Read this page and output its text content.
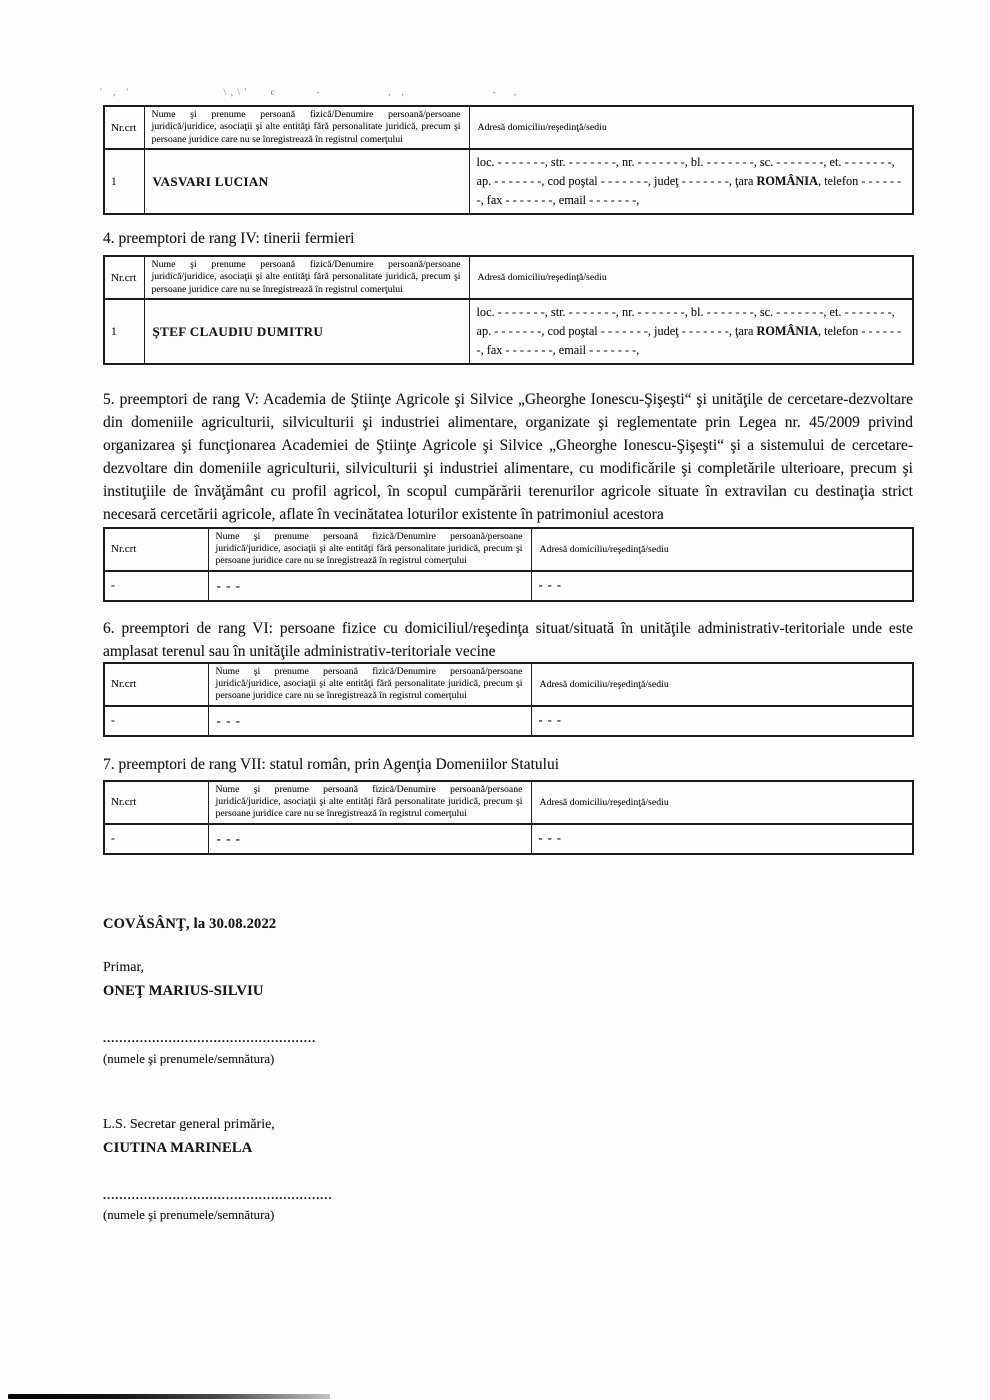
'   ,   '                            \ , \ '       c            -                    ,   ,                          -     ,
Nr.crt	Nume şi prenume persoană fizică/Denumire persoană/persoane juridică/juridice, asociaţii şi alte entităţi fără personalitate juridică, precum şi persoane juridice care nu se înregistrează în registrul comerţului	Adresă domiciliu/reşedinţă/sediu
1	VASVARI LUCIAN	loc. - - - - - - -, str. - - - - - - -, nr. - - - - - - -, bl. - - - - - - -, sc. - - - - - - -, et. - - - - - - -, ap. - - - - - - -, cod poştal - - - - - - -, judeţ - - - - - - -, ţara ROMÂNIA, telefon - - - - - - -, fax - - - - - - -, email - - - - - - -,
4. preemptori de rang IV: tinerii fermieri
Nr.crt	Nume şi prenume persoană fizică/Denumire persoană/persoane juridică/juridice, asociaţii şi alte entităţi fără personalitate juridică, precum şi persoane juridice care nu se înregistrează în registrul comerţului	Adresă domiciliu/reşedinţă/sediu
1	ŞTEF CLAUDIU DUMITRU	loc. - - - - - - -, str. - - - - - - -, nr. - - - - - - -, bl. - - - - - - -, sc. - - - - - - -, et. - - - - - - -, ap. - - - - - - -, cod poştal - - - - - - -, judeţ - - - - - - -, ţara ROMÂNIA, telefon - - - - - - -, fax - - - - - - -, email - - - - - - -,
5. preemptori de rang V: Academia de Ştiinţe Agricole şi Silvice „Gheorghe Ionescu-Şişeşti“ şi unităţile de cercetare-dezvoltare din domeniile agriculturii, silviculturii şi industriei alimentare, organizate şi reglementate prin Legea nr. 45/2009 privind organizarea şi funcţionarea Academiei de Ştiinţe Agricole şi Silvice „Gheorghe Ionescu-Şişeşti“ şi a sistemului de cercetare-dezvoltare din domeniile agriculturii, silviculturii şi industriei alimentare, cu modificările şi completările ulterioare, precum şi instituţiile de învăţământ cu profil agricol, în scopul cumpărării terenurilor agricole situate în extravilan cu destinaţia strict necesară cercetării agricole, aflate în vecinătatea loturilor existente în patrimoniul acestora
Nr.crt	Nume şi prenume persoană fizică/Denumire persoană/persoane juridică/juridice, asociaţii şi alte entităţi fără personalitate juridică, precum şi persoane juridice care nu se înregistrează în registrul comerţului	Adresă domiciliu/reşedinţă/sediu
-	- - -	- - -
6. preemptori de rang VI: persoane fizice cu domiciliul/reşedinţa situat/situată în unităţile administrativ-teritoriale unde este amplasat terenul sau în unităţile administrativ-teritoriale vecine
Nr.crt	Nume şi prenume persoană fizică/Denumire persoană/persoane juridică/juridice, asociaţii şi alte entităţi fără personalitate juridică, precum şi persoane juridice care nu se înregistrează în registrul comerţului	Adresă domiciliu/reşedinţă/sediu
-	- - -	- - -
7. preemptori de rang VII: statul român, prin Agenţia Domeniilor Statului
Nr.crt	Nume şi prenume persoană fizică/Denumire persoană/persoane juridică/juridice, asociaţii şi alte entităţi fără personalitate juridică, precum şi persoane juridice care nu se înregistrează în registrul comerţului	Adresă domiciliu/reşedinţă/sediu
-	- - -	- - -
COVĂSÂNŢ, la 30.08.2022
Primar,
ONEŢ MARIUS-SILVIU
....................................................
(numele şi prenumele/semnătura)
L.S. Secretar general primărie,
CIUTINA MARINELA
........................................................
(numele şi prenumele/semnătura)
